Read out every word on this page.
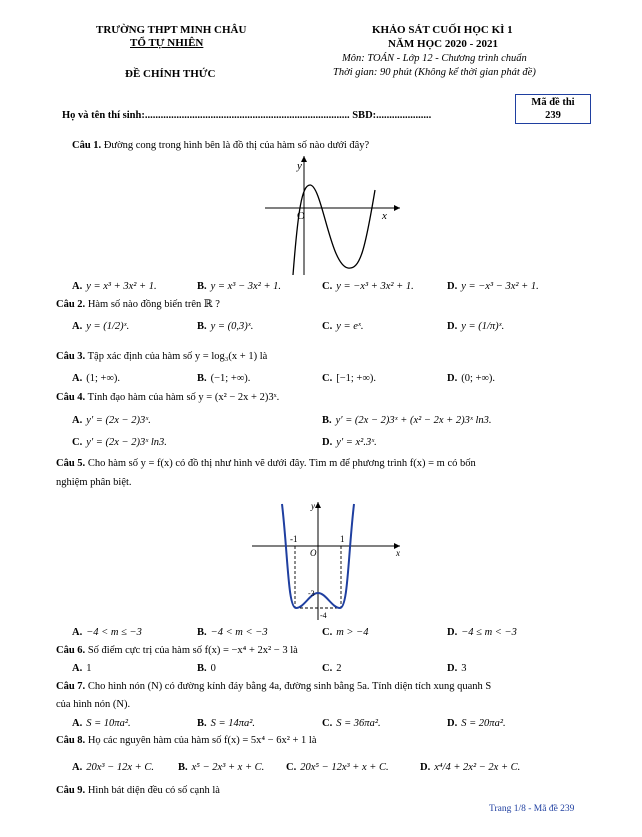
TRƯỜNG THPT MINH CHÂU
TỔ TỰ NHIÊN
ĐỀ CHÍNH THỨC
KHẢO SÁT CUỐI HỌC KÌ 1
NĂM HỌC 2020 - 2021
Môn: TOÁN - Lớp 12 - Chương trình chuẩn
Thời gian: 90 phút (Không kể thời gian phát đề)
Họ và tên thí sinh:.............................................................................. SBD:.....................
Mã đề thi
239
Câu 1. Đường cong trong hình bên là đồ thị của hàm số nào dưới đây?
y
O	x
A. y = x³ + 3x² + 1.	B. y = x³ − 3x² + 1.	C. y = −x³ + 3x² + 1.	D. y = −x³ − 3x² + 1.
Câu 2. Hàm số nào đồng biến trên ℝ ?
A. y = (1/2)ˣ.	B. y = (0,3)ˣ.	C. y = eˣ.	D. y = (1/π)ˣ.
Câu 3. Tập xác định của hàm số y = log₃(x + 1) là
A. (1; +∞).	B. (−1; +∞).	C. [−1; +∞).	D. (0; +∞).
Câu 4. Tính đạo hàm của hàm số y = (x² − 2x + 2)3ˣ.
A. y′ = (2x − 2)3ˣ.	B. y′ = (2x − 2)3ˣ + (x² − 2x + 2)3ˣ ln3.
C. y′ = (2x − 2)3ˣ ln3.	D. y′ = x².3ˣ.
Câu 5. Cho hàm số y = f(x) có đồ thị như hình vẽ dưới đây. Tìm m để phương trình f(x) = m có bốn
nghiệm phân biệt.
y
x
O
-1	1
-3
-4
A. −4 < m ≤ −3	B. −4 < m < −3	C. m > −4	D. −4 ≤ m < −3
Câu 6. Số điểm cực trị của hàm số f(x) = −x⁴ + 2x² − 3 là
A. 1	B. 0	C. 2	D. 3
Câu 7. Cho hình nón (N) có đường kính đáy bằng 4a, đường sinh bằng 5a. Tính diện tích xung quanh S
của hình nón (N).
A. S = 10πa².	B. S = 14πa².	C. S = 36πa².	D. S = 20πa².
Câu 8. Họ các nguyên hàm của hàm số f(x) = 5x⁴ − 6x² + 1 là
A. 20x³ − 12x + C. B. x⁵ − 2x³ + x + C. C. 20x⁵ − 12x³ + x + C.	D. x⁴/4 + 2x² − 2x + C.
Câu 9. Hình bát diện đều có số cạnh là
Trang 1/8 - Mã đề 239
